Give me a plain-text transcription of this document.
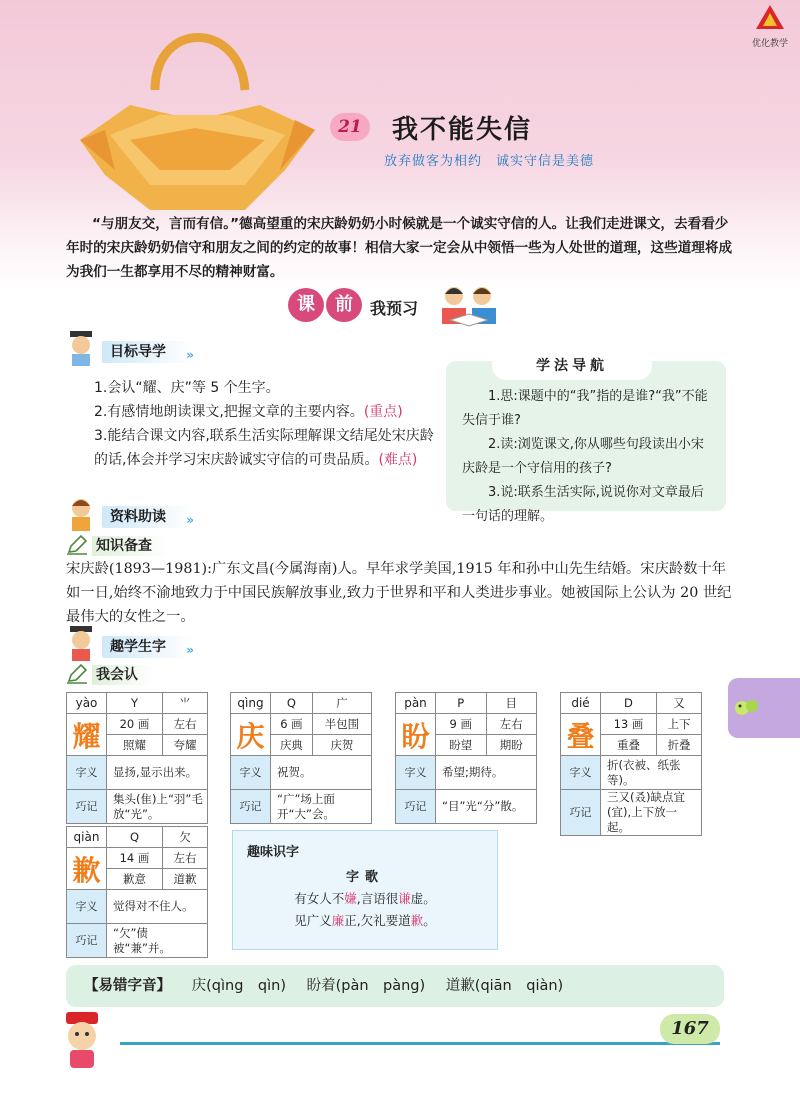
优化教学
21	我不能失信
放弃做客为相约　诚实守信是美德

“与朋友交，言而有信。”德高望重的宋庆龄奶奶小时候就是一个诚实守信的人。让我们走进课文，去看看少年时的宋庆龄奶奶信守和朋友之间的约定的故事！相信大家一定会从中领悟一些为人处世的道理，这些道理将成为我们一生都享用不尽的精神财富。

课	前	我预习
目标导学 »

1.会认“耀、庆”等 5 个生字。

2.有感情地朗读课文,把握文章的主要内容。(重点)

3.能结合课文内容,联系生活实际理解课文结尾处宋庆龄的话,体会并学习宋庆龄诚实守信的可贵品质。(难点)

学法导航

1.思:课题中的“我”指的是谁?“我”不能失信于谁?

2.读:浏览课文,你从哪些句段读出小宋庆龄是一个守信用的孩子?

3.说:联系生活实际,说说你对文章最后一句话的理解。

资料助读 »
知识备查

宋庆龄(1893—1981):广东文昌(今属海南)人。早年求学美国,1915 年和孙中山先生结婚。宋庆龄数十年如一日,始终不渝地致力于中国民族解放事业,致力于世界和平和人类进步事业。她被国际上公认为 20 世纪最伟大的女性之一。

趣学生字 »
我会认
yào	Y	⺌
耀	20 画	左右
	照耀	夸耀
字义	显扬,显示出来。	
巧记	集头(隹)上“羽”毛放“光”。	
qìng	Q	广
庆	6 画	半包围
	庆典	庆贺
字义	祝贺。	
巧记	“广”场上面开“大”会。	
pàn	P	目
盼	9 画	左右
	盼望	期盼
字义	希望;期待。	
巧记	“目”光“分”散。	
dié	D	又
叠	13 画	上下
	重叠	折叠
字义	折(衣被、纸张等)。	
巧记	三又(叒)缺点宜(宜),上下放一起。	
qiàn	Q	欠
歉	14 画	左右
	歉意	道歉
字义	觉得对不住人。	
巧记	“欠”债被“兼”并。	
趣味识字
字歌
有女人不嫌,言语很谦虚。
见广义廉正,欠礼要道歉。
【易错字音】 庆(qìng　qìn) 盼着(pàn　pàng) 道歉(qiān　qiàn)
167
